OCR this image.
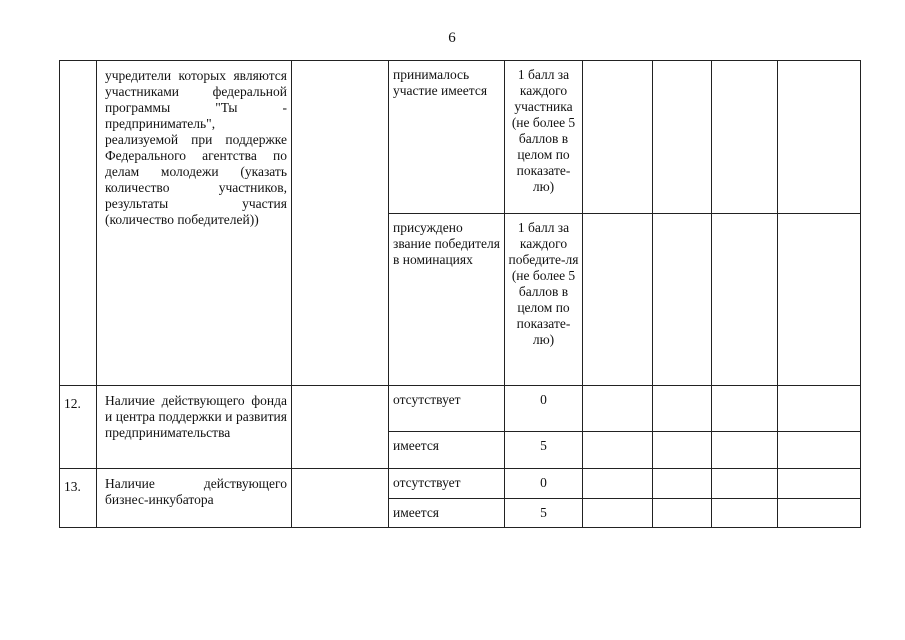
6

	учредители которых являются участниками федеральной программы "Ты - предприниматель", реализуемой при поддержке Федерального агентства по делам молодежи (указать количество участников, результаты участия (количество победителей))		принималось участие имеется	1 балл за каждого участника (не более 5 баллов в целом по показате-лю)				

			присуждено звание победителя в номинациях	1 балл за каждого победите-ля (не более 5 баллов в целом по показате-лю)				
12.	Наличие действующего фонда и центра поддержки и развития предпринимательства		отсутствует	0				
			имеется	5				
13.	Наличие действующего бизнес-инкубатора		отсутствует	0				
			имеется	5				
